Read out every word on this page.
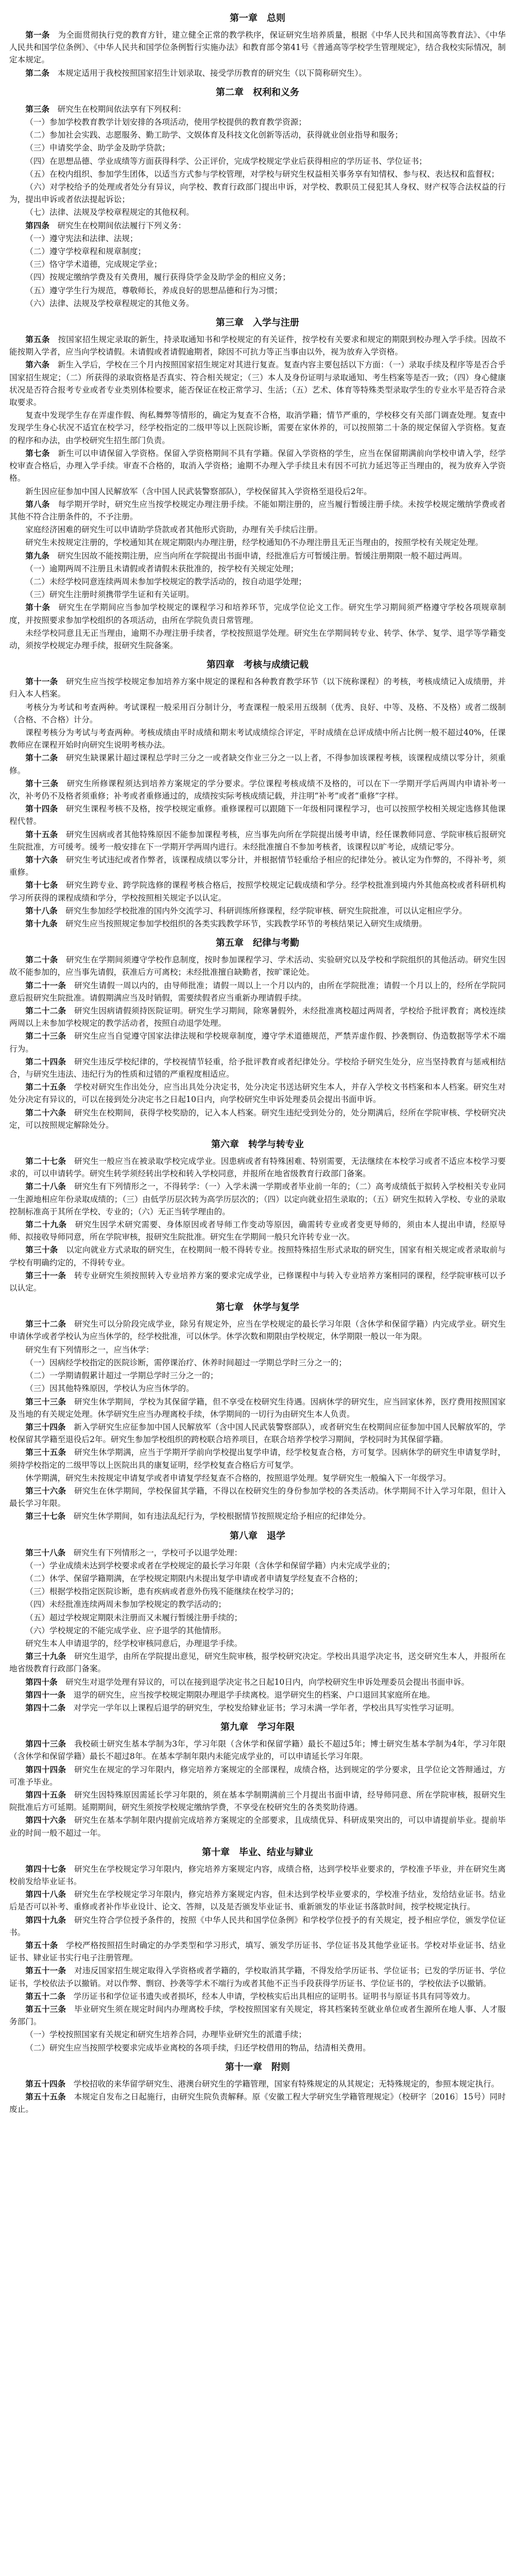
第一章　总则

第一条　 为全面贯彻执行党的教育方针，建立健全正常的教学秩序，保证研究生培养质量，根据《中华人民共和国高等教育法》、《中华人民共和国学位条例》、《中华人民共和国学位条例暂行实施办法》和教育部令第41号《普通高等学校学生管理规定》，结合我校实际情况，制定本规定。

第二条　 本规定适用于我校按照国家招生计划录取、接受学历教育的研究生（以下简称研究生）。

第二章　权利和义务

第三条　 研究生在校期间依法享有下列权利：

（一）参加学校教育教学计划安排的各项活动，使用学校提供的教育教学资源；

（二）参加社会实践、志愿服务、勤工助学、文娱体育及科技文化创新等活动，获得就业创业指导和服务；

（三）申请奖学金、助学金及助学贷款；

（四）在思想品德、学业成绩等方面获得科学、公正评价，完成学校规定学业后获得相应的学历证书、学位证书；

（五）在校内组织、参加学生团体，以适当方式参与学校管理，对学校与研究生权益相关事务享有知情权、参与权、表达权和监督权；

（六）对学校给予的处理或者处分有异议，向学校、教育行政部门提出申诉，对学校、教职员工侵犯其人身权、财产权等合法权益的行为，提出申诉或者依法提起诉讼；

（七）法律、法规及学校章程规定的其他权利。

第四条　 研究生在校期间依法履行下列义务：

（一）遵守宪法和法律、法规；

（二）遵守学校章程和规章制度；

（三）恪守学术道德，完成规定学业；

（四）按规定缴纳学费及有关费用，履行获得贷学金及助学金的相应义务；

（五）遵守学生行为规范，尊敬师长，养成良好的思想品德和行为习惯；

（六）法律、法规及学校章程规定的其他义务。

第三章　入学与注册

第五条　 按国家招生规定录取的新生，持录取通知书和学校规定的有关证件，按学校有关要求和规定的期限到校办理入学手续。因故不能按期入学者，应当向学校请假。未请假或者请假逾期者，除因不可抗力等正当事由以外，视为放弃入学资格。

第六条　 新生入学后，学校在三个月内按照国家招生规定对其进行复查。复查内容主要包括以下方面：（一）录取手续及程序等是否合乎国家招生规定；（二）所获得的录取资格是否真实、符合相关规定；（三）本人及身份证明与录取通知、考生档案等是否一致；（四）身心健康状况是否符合报考专业或者专业类别体检要求，能否保证在校正常学习、生活；（五）艺术、体育等特殊类型录取学生的专业水平是否符合录取要求。

复查中发现学生存在弄虚作假、徇私舞弊等情形的，确定为复查不合格，取消学籍；情节严重的，学校移交有关部门调查处理。复查中发现学生身心状况不适宜在校学习，经学校指定的二级甲等以上医院诊断，需要在家休养的，可以按照第二十条的规定保留入学资格。复查的程序和办法，由学校研究生招生部门负责。

第七条　 新生可以申请保留入学资格。保留入学资格期间不具有学籍。保留入学资格的学生，应当在保留期满前向学校申请入学，经学校审查合格后，办理入学手续。审查不合格的，取消入学资格；逾期不办理入学手续且未有因不可抗力延迟等正当理由的，视为放弃入学资格。

新生因应征参加中国人民解放军（含中国人民武装警察部队），学校保留其入学资格至退役后2年。

第八条　 每学期开学时，研究生应当按学校规定办理注册手续。不能如期注册的，应当履行暂缓注册手续。未按学校规定缴纳学费或者其他不符合注册条件的，不予注册。

家庭经济困难的研究生可以申请助学贷款或者其他形式资助，办理有关手续后注册。

研究生未按规定注册的，学校通知其在规定期限内办理注册，经学校通知仍不办理注册且无正当理由的，按照学校有关规定处理。

第九条　 研究生因故不能按期注册，应当向所在学院提出书面申请，经批准后方可暂缓注册。暂缓注册期限一般不超过两周。

（一）逾期两周不注册且未请假或者请假未获批准的，按学校有关规定处理；

（二）未经学校同意连续两周未参加学校规定的教学活动的，按自动退学处理；

（三）研究生注册时须携带学生证和有关证明。

第十条　 研究生在学期间应当参加学校规定的课程学习和培养环节，完成学位论文工作。研究生学习期间须严格遵守学校各项规章制度，并按照要求参加学校组织的各项活动，由所在学院负责日常管理。

未经学校同意且无正当理由，逾期不办理注册手续者，学校按照退学处理。研究生在学期间转专业、转学、休学、复学、退学等学籍变动，须按学校规定办理手续，报研究生院备案。

第四章　考核与成绩记载

第十一条　 研究生应当按学校规定参加培养方案中规定的课程和各种教育教学环节（以下统称课程）的考核，考核成绩记入成绩册，并归入本人档案。

考核分为考试和考查两种。考试课程一般采用百分制计分，考查课程一般采用五级制（优秀、良好、中等、及格、不及格）或者二级制（合格、不合格）计分。

课程考核分为考试与考查两种。考核成绩由平时成绩和期末考试成绩综合评定，平时成绩在总评成绩中所占比例一般不超过40%，任课教师应在课程开始时向研究生说明考核办法。

第十二条　 研究生缺课累计超过课程总学时三分之一或者缺交作业三分之一以上者，不得参加该课程考核，该课程成绩以零分计，须重修。

第十三条　 研究生所修课程须达到培养方案规定的学分要求。学位课程考核成绩不及格的，可以在下一学期开学后两周内申请补考一次，补考仍不及格者须重修；补考或者重修通过的，成绩按实际考核成绩记载，并注明“补考”或者“重修”字样。

第十四条　 研究生课程考核不及格，按学校规定重修。重修课程可以跟随下一年级相同课程学习，也可以按照学校相关规定选修其他课程代替。

第十五条　 研究生因病或者其他特殊原因不能参加课程考核，应当事先向所在学院提出缓考申请，经任课教师同意、学院审核后报研究生院批准，方可缓考。缓考一般安排在下一学期开学两周内进行。未经批准擅自不参加考核者，该课程以旷考论，成绩记零分。

第十六条　 研究生考试违纪或者作弊者，该课程成绩以零分计，并根据情节轻重给予相应的纪律处分。被认定为作弊的，不得补考，须重修。

第十七条　 研究生跨专业、跨学院选修的课程考核合格后，按照学校规定记载成绩和学分。经学校批准到境内外其他高校或者科研机构学习所获得的课程成绩和学分，学校按照相关规定予以认定。

第十八条　 研究生参加经学校批准的国内外交流学习、科研训练所修课程，经学院审核、研究生院批准，可以认定相应学分。

第十九条　 研究生应当按照规定参加学校组织的各类实践教学环节，实践教学环节的考核结果记入研究生成绩册。

第五章　纪律与考勤

第二十条　 研究生在学期间须遵守学校作息制度，按时参加课程学习、学术活动、实验研究以及学校和学院组织的其他活动。研究生因故不能参加的，应当事先请假，获准后方可离校；未经批准擅自缺勤者，按旷课论处。

第二十一条　 研究生请假一周以内的，由导师批准；请假一周以上一个月以内的，由所在学院批准；请假一个月以上的，经所在学院同意后报研究生院批准。请假期满应当及时销假，需要续假者应当重新办理请假手续。

第二十二条　 研究生因病请假须持医院证明。研究生学习期间，除寒暑假外，未经批准离校超过两周者，学校给予批评教育；离校连续两周以上未参加学校规定的教学活动者，按照自动退学处理。

第二十三条　 研究生应当自觉遵守国家法律法规和学校规章制度，遵守学术道德规范，严禁弄虚作假、抄袭剽窃、伪造数据等学术不端行为。

第二十四条　 研究生违反学校纪律的，学校视情节轻重，给予批评教育或者纪律处分。学校给予研究生处分，应当坚持教育与惩戒相结合，与研究生违法、违纪行为的性质和过错的严重程度相适应。

第二十五条　 学校对研究生作出处分，应当出具处分决定书，处分决定书送达研究生本人，并存入学校文书档案和本人档案。研究生对处分决定有异议的，可以在接到处分决定书之日起10日内，向学校研究生申诉处理委员会提出书面申诉。

第二十六条　 研究生在校期间，获得学校奖励的，记入本人档案。研究生违纪受到处分的，处分期满后，经所在学院审核、学校研究决定，可以按照规定解除处分。

第六章　转学与转专业

第二十七条　 研究生一般应当在被录取学校完成学业。因患病或者有特殊困难、特别需要，无法继续在本校学习或者不适应本校学习要求的，可以申请转学。研究生转学须经转出学校和转入学校同意，并报所在地省级教育行政部门备案。

第二十八条　 研究生有下列情形之一，不得转学：（一）入学未满一学期或者毕业前一年的；（二）高考成绩低于拟转入学校相关专业同一生源地相应年份录取成绩的；（三）由低学历层次转为高学历层次的；（四）以定向就业招生录取的；（五）研究生拟转入学校、专业的录取控制标准高于其所在学校、专业的；（六）无正当转学理由的。

第二十九条　 研究生因学术研究需要、身体原因或者导师工作变动等原因，确需转专业或者变更导师的，须由本人提出申请，经原导师、拟接收导师同意，所在学院审核，报研究生院批准。研究生在学期间一般只允许转专业一次。

第三十条　 以定向就业方式录取的研究生，在校期间一般不得转专业。按照特殊招生形式录取的研究生，国家有相关规定或者录取前与学校有明确约定的，不得转专业。

第三十一条　 转专业研究生须按照转入专业培养方案的要求完成学业，已修课程中与转入专业培养方案相同的课程，经学院审核可以予以认定。

第七章　休学与复学

第三十二条　 研究生可以分阶段完成学业，除另有规定外，应当在学校规定的最长学习年限（含休学和保留学籍）内完成学业。研究生申请休学或者学校认为应当休学的，经学校批准，可以休学。休学次数和期限由学校规定，休学期限一般以一年为限。

研究生有下列情形之一，应当休学：

（一）因病经学校指定的医院诊断，需停课治疗、休养时间超过一学期总学时三分之一的；

（二）一学期请假累计超过一学期总学时三分之一的；

（三）因其他特殊原因，学校认为应当休学的。

第三十三条　 研究生休学期间，学校为其保留学籍，但不享受在校研究生待遇。因病休学的研究生，应当回家休养，医疗费用按照国家及当地的有关规定处理。休学研究生应当办理离校手续，休学期间的一切行为由研究生本人负责。

第三十四条　 新入学研究生应征参加中国人民解放军（含中国人民武装警察部队），或者研究生在校期间应征参加中国人民解放军的，学校保留其学籍至退役后2年。研究生参加学校组织的跨校联合培养项目，在联合培养学校学习期间，学校同时为其保留学籍。

第三十五条　 研究生休学期满，应当于学期开学前向学校提出复学申请，经学校复查合格，方可复学。因病休学的研究生申请复学时，须持学校指定的二级甲等以上医院出具的康复证明，经学校复查合格后方可复学。

休学期满，研究生未按规定申请复学或者申请复学经复查不合格的，按照退学处理。复学研究生一般编入下一年级学习。

第三十六条　 研究生在休学期间，学校保留其学籍，不得以在校研究生的身份参加学校的各类活动。休学期间不计入学习年限，但计入最长学习年限。

第三十七条　 研究生休学期间，如有违法乱纪行为，学校根据情节按照规定给予相应的纪律处分。

第八章　退学

第三十八条　 研究生有下列情形之一，学校可予以退学处理：

（一）学业成绩未达到学校要求或者在学校规定的最长学习年限（含休学和保留学籍）内未完成学业的；

（二）休学、保留学籍期满，在学校规定期限内未提出复学申请或者申请复学经复查不合格的；

（三）根据学校指定医院诊断，患有疾病或者意外伤残不能继续在校学习的；

（四）未经批准连续两周未参加学校规定的教学活动的；

（五）超过学校规定期限未注册而又未履行暂缓注册手续的；

（六）学校规定的不能完成学业、应予退学的其他情形。

研究生本人申请退学的，经学校审核同意后，办理退学手续。

第三十九条　 研究生退学，由所在学院提出意见，研究生院审核，报学校研究决定。学校出具退学决定书，送交研究生本人，并报所在地省级教育行政部门备案。

第四十条　 研究生对退学处理有异议的，可以在接到退学决定书之日起10日内，向学校研究生申诉处理委员会提出书面申诉。

第四十一条　 退学的研究生，应当按学校规定期限办理退学手续离校。退学研究生的档案、户口退回其家庭所在地。

第四十二条　 对学完一学年以上课程后退学的研究生，学校发给肄业证书；学习未满一学年者，学校出具写实性学习证明。

第九章　学习年限

第四十三条　 我校硕士研究生基本学制为3年，学习年限（含休学和保留学籍）最长不超过5年；博士研究生基本学制为4年，学习年限（含休学和保留学籍）最长不超过8年。在基本学制年限内未能完成学业的，可以申请延长学习年限。

第四十四条　 研究生在规定的学习年限内，修完培养方案规定的全部课程，成绩合格，达到规定的学分要求，且学位论文答辩通过，方可准予毕业。

第四十五条　 研究生因特殊原因需延长学习年限的，须在基本学制期满前三个月提出书面申请，经导师同意、所在学院审核，报研究生院批准后方可延期。延期期间，研究生须按学校规定缴纳学费，不享受在校研究生的各类奖助待遇。

第四十六条　 研究生在基本学制年限内提前完成培养方案规定的全部要求，且成绩优异、科研成果突出的，可以申请提前毕业。提前毕业的时间一般不超过一年。

第十章　毕业、结业与肄业

第四十七条　 研究生在学校规定学习年限内，修完培养方案规定内容，成绩合格，达到学校毕业要求的，学校准予毕业，并在研究生离校前发给毕业证书。

第四十八条　 研究生在学校规定学习年限内，修完培养方案规定内容，但未达到学校毕业要求的，学校准予结业，发给结业证书。结业后是否可以补考、重修或者补作毕业设计、论文、答辩，以及是否颁发毕业证书、重新颁发的毕业证书落款时间，按学校规定执行。

第四十九条　 研究生符合学位授予条件的，按照《中华人民共和国学位条例》和学校学位授予的有关规定，授予相应学位，颁发学位证书。

第五十条　 学校严格按照招生时确定的办学类型和学习形式，填写、颁发学历证书、学位证书及其他学业证书。学校对毕业证书、结业证书、肄业证书实行电子注册管理。

第五十一条　 对违反国家招生规定取得入学资格或者学籍的，学校取消其学籍，不得发给学历证书、学位证书；已发的学历证书、学位证书，学校依法予以撤销。对以作弊、剽窃、抄袭等学术不端行为或者其他不正当手段获得学历证书、学位证书的，学校依法予以撤销。

第五十二条　 学历证书和学位证书遗失或者损坏，经本人申请，学校核实后出具相应的证明书。证明书与原证书具有同等效力。

第五十三条　 毕业研究生须在规定时间内办理离校手续，学校按照国家有关规定，将其档案转至就业单位或者生源所在地人事、人才服务部门。

（一）学校按照国家有关规定和研究生培养合同，办理毕业研究生的派遣手续；

（二）研究生应当按照学校要求完成毕业离校的各项手续，归还学校借用的物品，结清相关费用。

第十一章　附则

第五十四条　 学校招收的来华留学研究生、港澳台研究生的学籍管理，国家有特殊规定的从其规定；无特殊规定的，参照本规定执行。

第五十五条　 本规定自发布之日起施行，由研究生院负责解释。原《安徽工程大学研究生学籍管理规定》（校研字〔2016〕15号）同时废止。
